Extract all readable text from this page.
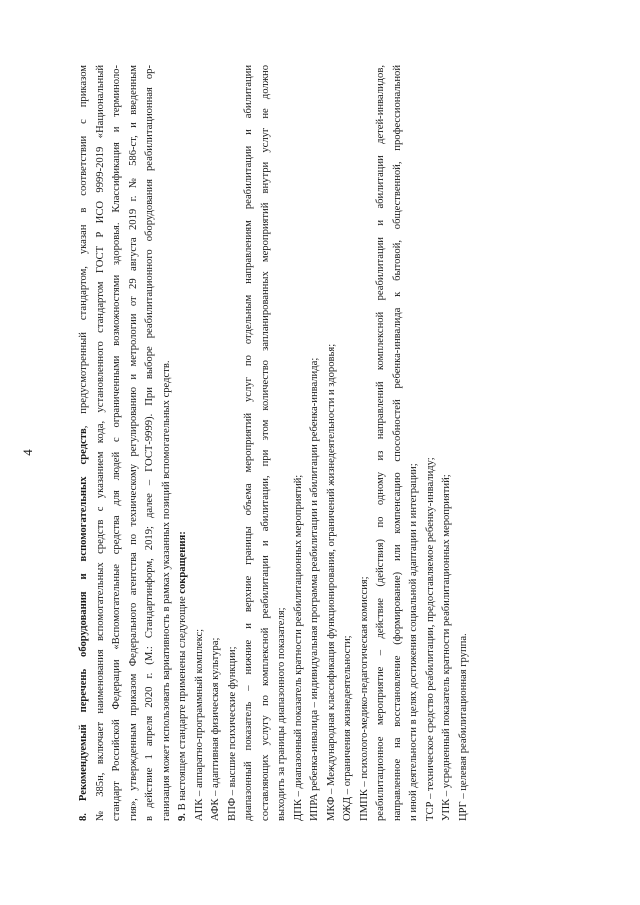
4
8. Рекомендуемый перечень оборудования и вспомогательных средств, предусмотренный стандартом, указан в соответствии с приказом № 385н, включает наименования вспомогательных средств с указанием кода, установленного стандартом ГОСТ Р ИСО 9999-2019 «Национальный стандарт Российской Федерации «Вспомогательные средства для людей с ограниченными возможностями здоровья. Классификация и терминоло- гия», утвержденным приказом Федерального агентства по техническому регулированию и метрологии от 29 августа 2019 г. № 586-ст, и введенным в действие 1 апреля 2020 г. (М.: Стандартинформ, 2019; далее – ГОСТ-9999). При выборе реабилитационного оборудования реабилитационная ор- ганизация может использовать вариативность в рамках указанных позиций вспомогательных средств. 9. В настоящем стандарте применены следующие сокращения:
АПК – аппаратно-программный комплекс; АФК – адаптивная физическая культура; ВПФ – высшие психические функции; диапазонный показатель – нижние и верхние границы объема мероприятий услуг по отдельным направлениям реабилитации и абилитации составляющих услугу по комплексной реабилитации и абилитации, при этом количество запланированных мероприятий внутри услуг не должно выходить за границы диапазонного показателя; ДПК – диапазонный показатель кратности реабилитационных мероприятий; ИПРА ребенка-инвалида – индивидуальная программа реабилитации и абилитации ребенка-инвалида; МКФ – Международная классификация функционирования, ограничений жизнедеятельности и здоровья; ОЖД – ограничения жизнедеятельности; ПМПК – психолого-медико-педагогическая комиссия; реабилитационное мероприятие – действие (действия) по одному из направлений комплексной реабилитации и абилитации детей-инвалидов, направленное на восстановление (формирование) или компенсацию способностей ребенка-инвалида к бытовой, общественной, профессиональной и иной деятельности в целях достижения социальной адаптации и интеграции; ТСР – техническое средство реабилитации, предоставляемое ребенку-инвалиду; УПК – усредненный показатель кратности реабилитационных мероприятий; ЦРГ – целевая реабилитационная группа.
